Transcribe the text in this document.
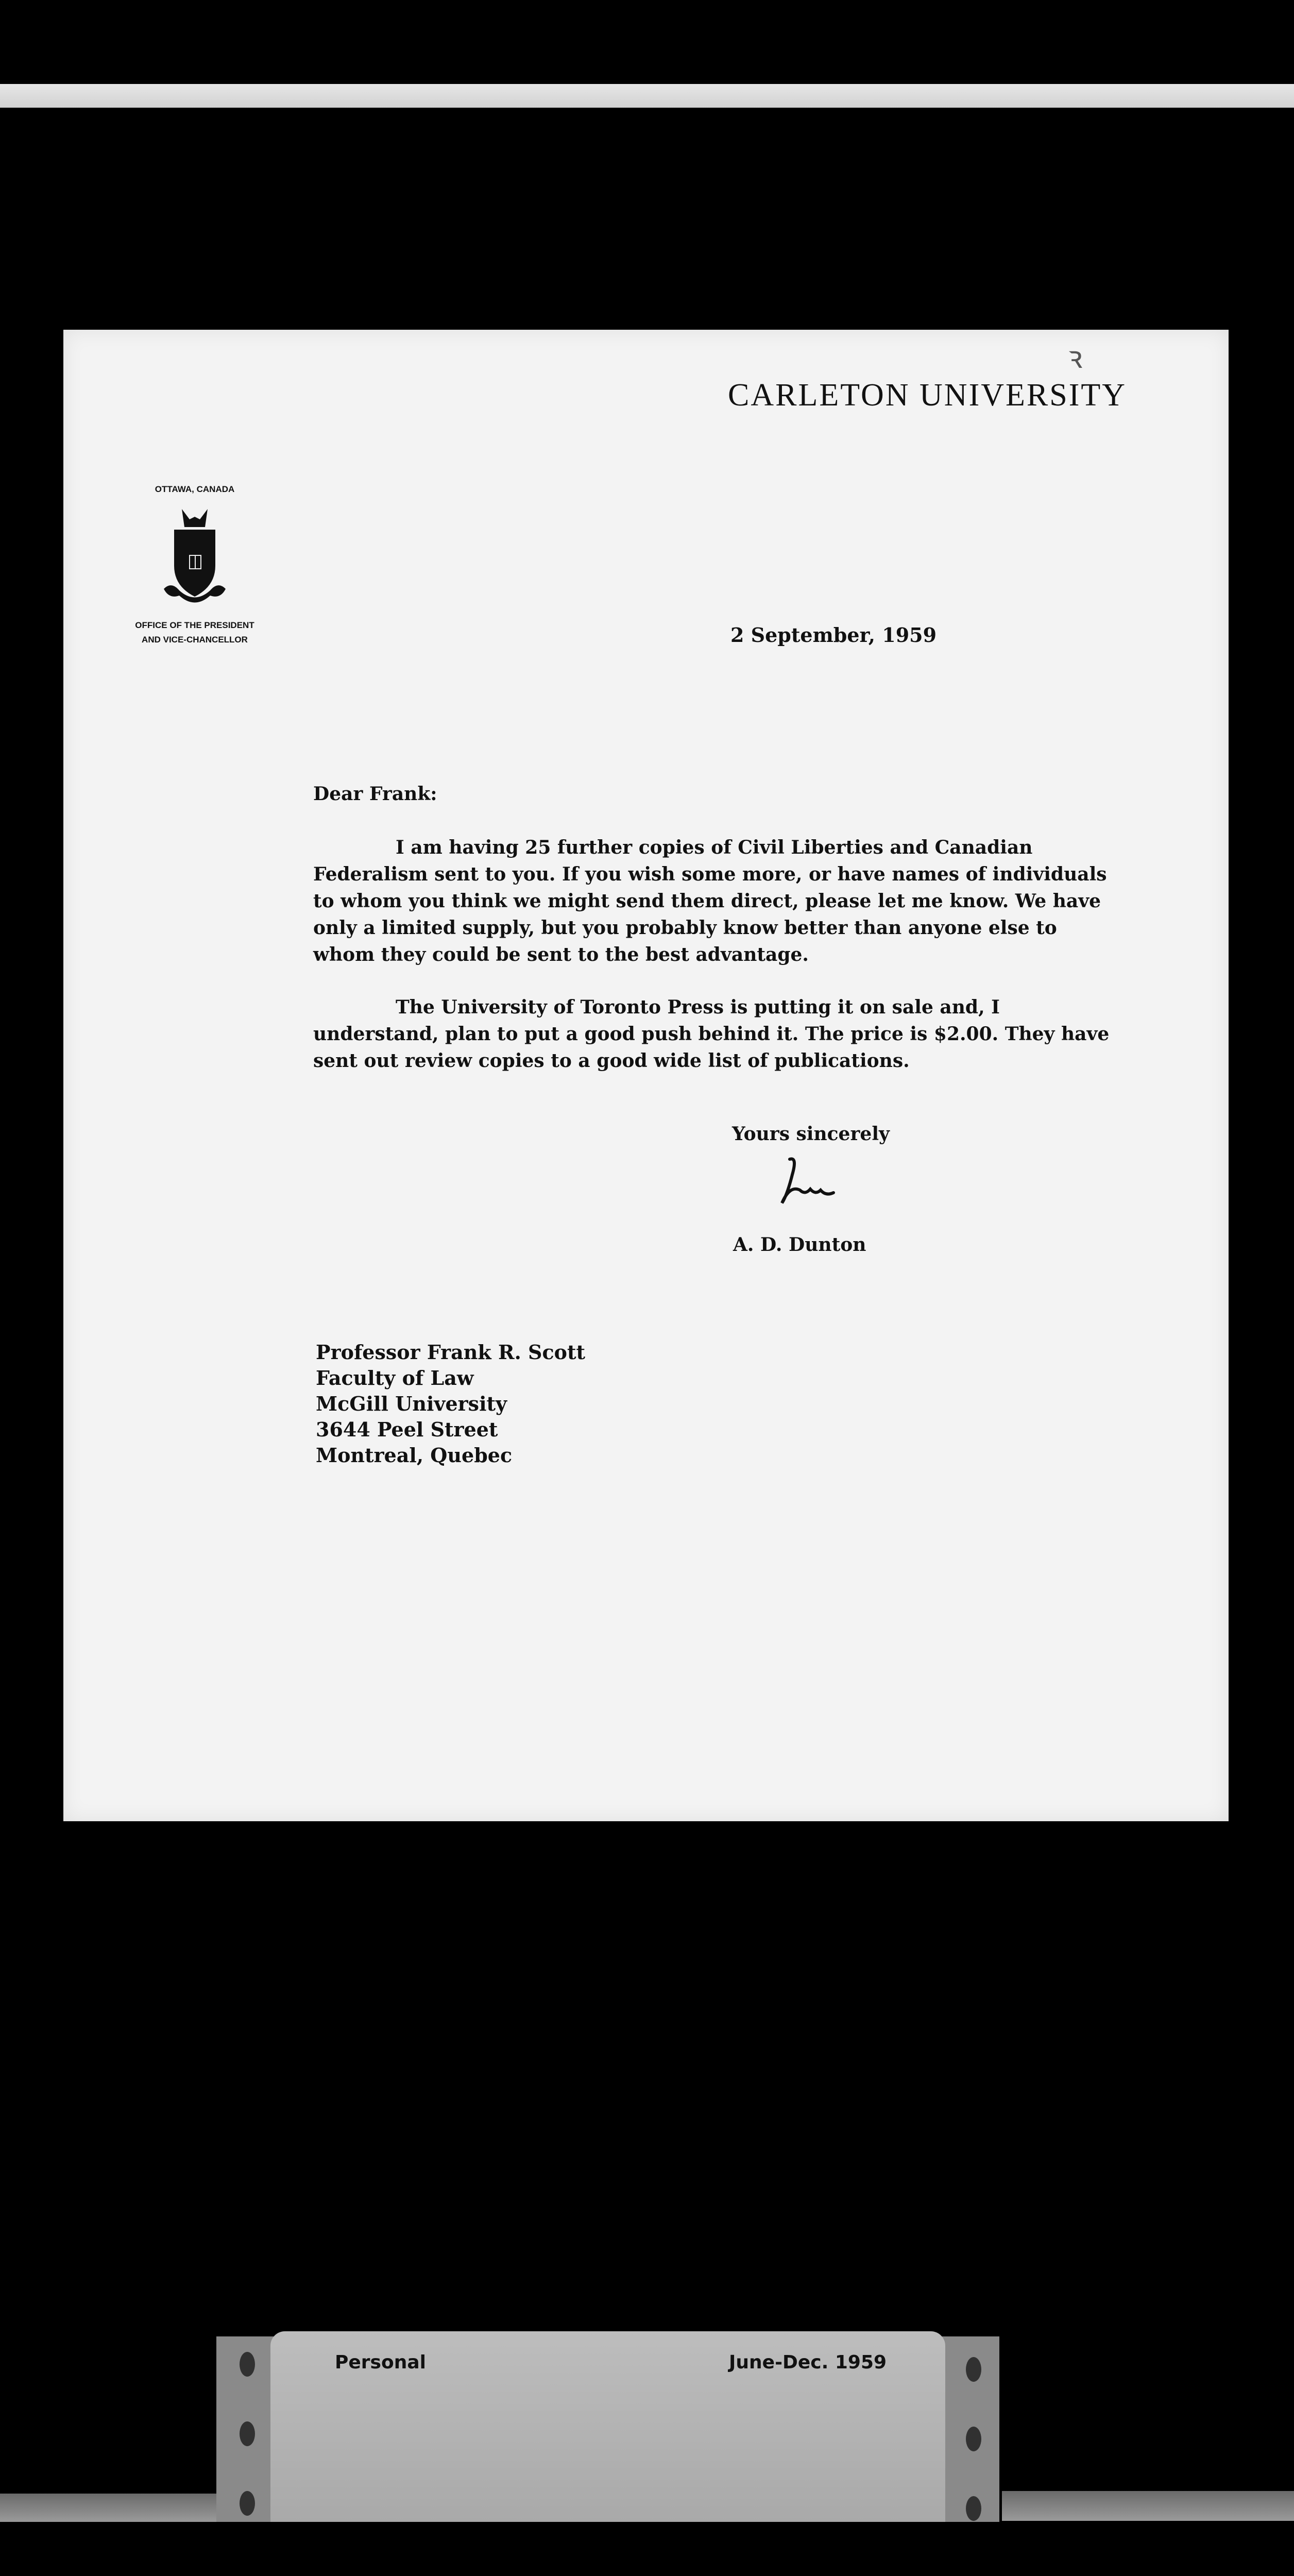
ꝛ
CARLETON UNIVERSITY
OTTAWA, CANADA
OFFICE OF THE PRESIDENT
AND VICE-CHANCELLOR	2 September, 1959
Dear Frank:
I am having 25 further copies of Civil Liberties and Canadian Federalism sent to you. If you wish some more, or have names of individuals to whom you think we might send them direct, please let me know. We have only a limited supply, but you probably know better than anyone else to whom they could be sent to the best advantage.
The University of Toronto Press is putting it on sale and, I understand, plan to put a good push behind it. The price is $2.00. They have sent out review copies to a good wide list of publications.
Yours sincerely
A. D. Dunton
Professor Frank R. Scott
Faculty of Law
McGill University
3644 Peel Street
Montreal, Quebec
Personal	June-Dec. 1959
